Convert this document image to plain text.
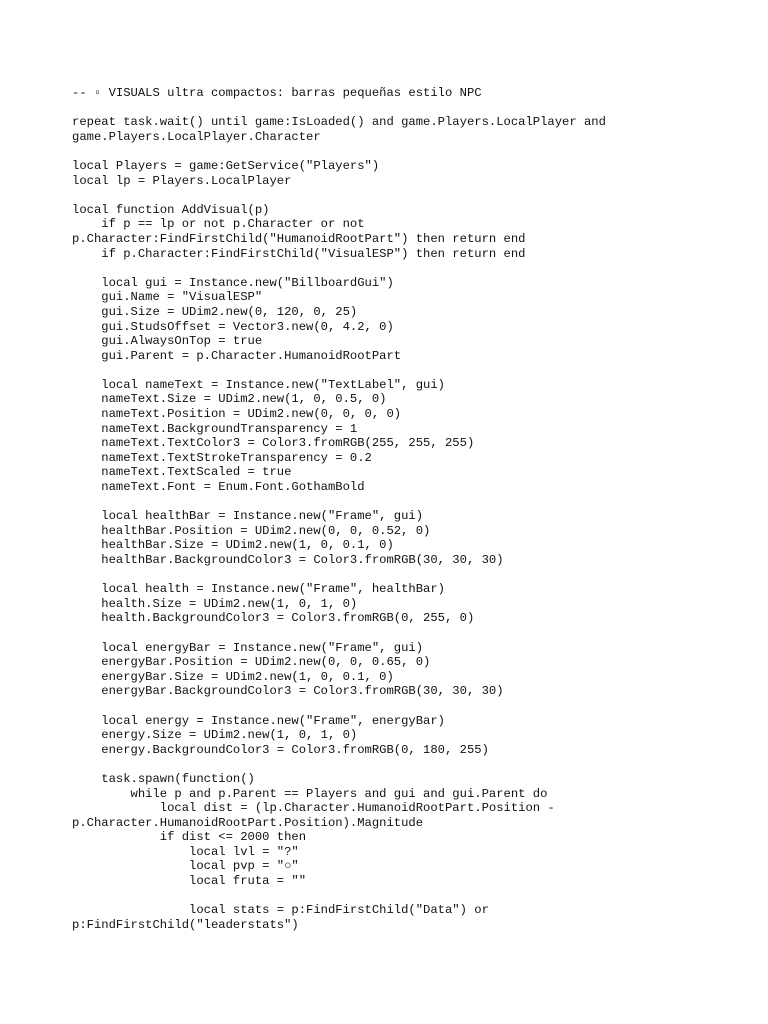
-- ▫ VISUALS ultra compactos: barras pequeñas estilo NPC
repeat task.wait() until game:IsLoaded() and game.Players.LocalPlayer and
game.Players.LocalPlayer.Character
local Players = game:GetService("Players")
local lp = Players.LocalPlayer
local function AddVisual(p)
if p == lp or not p.Character or not
p.Character:FindFirstChild("HumanoidRootPart") then return end
if p.Character:FindFirstChild("VisualESP") then return end
local gui = Instance.new("BillboardGui")
gui.Name = "VisualESP"
gui.Size = UDim2.new(0, 120, 0, 25)
gui.StudsOffset = Vector3.new(0, 4.2, 0)
gui.AlwaysOnTop = true
gui.Parent = p.Character.HumanoidRootPart
local nameText = Instance.new("TextLabel", gui)
nameText.Size = UDim2.new(1, 0, 0.5, 0)
nameText.Position = UDim2.new(0, 0, 0, 0)
nameText.BackgroundTransparency = 1
nameText.TextColor3 = Color3.fromRGB(255, 255, 255)
nameText.TextStrokeTransparency = 0.2
nameText.TextScaled = true
nameText.Font = Enum.Font.GothamBold
local healthBar = Instance.new("Frame", gui)
healthBar.Position = UDim2.new(0, 0, 0.52, 0)
healthBar.Size = UDim2.new(1, 0, 0.1, 0)
healthBar.BackgroundColor3 = Color3.fromRGB(30, 30, 30)
local health = Instance.new("Frame", healthBar)
health.Size = UDim2.new(1, 0, 1, 0)
health.BackgroundColor3 = Color3.fromRGB(0, 255, 0)
local energyBar = Instance.new("Frame", gui)
energyBar.Position = UDim2.new(0, 0, 0.65, 0)
energyBar.Size = UDim2.new(1, 0, 0.1, 0)
energyBar.BackgroundColor3 = Color3.fromRGB(30, 30, 30)
local energy = Instance.new("Frame", energyBar)
energy.Size = UDim2.new(1, 0, 1, 0)
energy.BackgroundColor3 = Color3.fromRGB(0, 180, 255)
task.spawn(function()
while p and p.Parent == Players and gui and gui.Parent do
local dist = (lp.Character.HumanoidRootPart.Position -
p.Character.HumanoidRootPart.Position).Magnitude
if dist <= 2000 then
local lvl = "?"
local pvp = "○"
local fruta = ""
local stats = p:FindFirstChild("Data") or
p:FindFirstChild("leaderstats")
